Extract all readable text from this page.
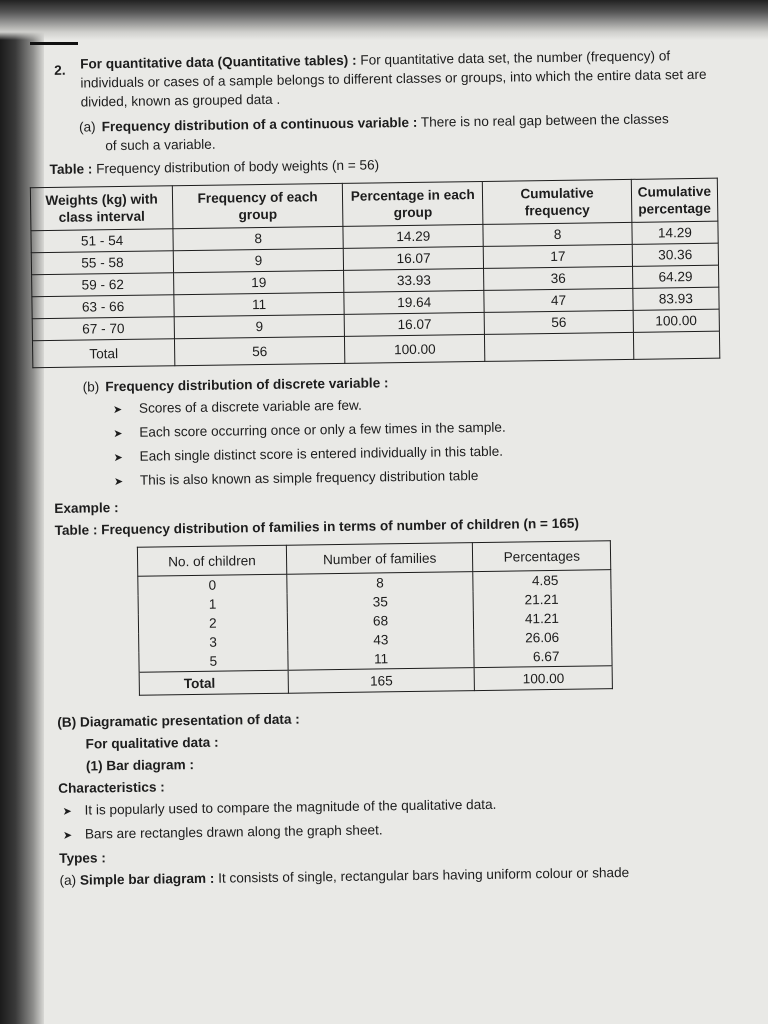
2. For quantitative data (Quantitative tables) : For quantitative data set, the number (frequency) of individuals or cases of a sample belongs to different classes or groups, into which the entire data set are divided, known as grouped data .
(a) Frequency distribution of a continuous variable : There is no real gap between the classes
of such a variable.
Table : Frequency distribution of body weights (n = 56)
Weights (kg) with class interval	Frequency of each group	Percentage in each group	Cumulative frequency	Cumulative percentage
51 - 54	8	14.29	8	14.29
55 - 58	9	16.07	17	30.36
59 - 62	19	33.93	36	64.29
63 - 66	11	19.64	47	83.93
67 - 70	9	16.07	56	100.00
Total	56	100.00		
(b) Frequency distribution of discrete variable :
➤ Scores of a discrete variable are few.
➤ Each score occurring once or only a few times in the sample.
➤ Each single distinct score is entered individually in this table.
➤ This is also known as simple frequency distribution table
Example :
Table : Frequency distribution of families in terms of number of children (n = 165)
No. of children	Number of families	Percentages
0	8	4.85
1	35	21.21
2	68	41.21
3	43	26.06
5	11	6.67
Total	165	100.00
(B) Diagramatic presentation of data :
For qualitative data :
(1) Bar diagram :
Characteristics :
➤ It is popularly used to compare the magnitude of the qualitative data.
➤ Bars are rectangles drawn along the graph sheet.
Types :
(a) Simple bar diagram : It consists of single, rectangular bars having uniform colour or shade
